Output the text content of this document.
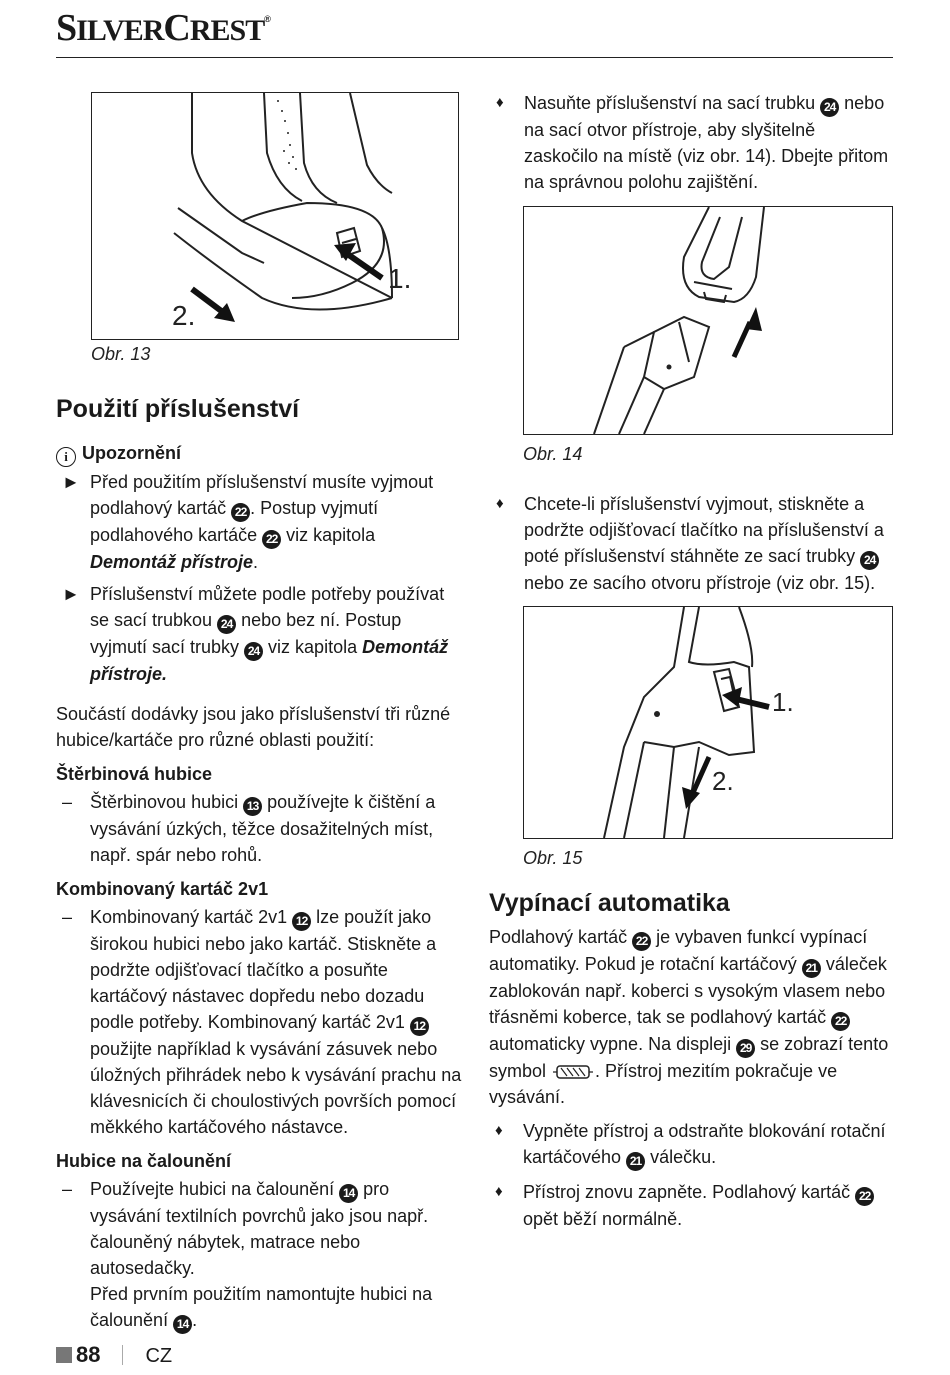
SILVERCREST®
1.
2.
Obr. 13
Použití příslušenství
i Upozornění
► Před použitím příslušenství musíte vyjmout podlahový kartáč 22 . Postup vyjmutí podlahového kartáče 22 viz kapitola Demontáž přístroje.
► Příslušenství můžete podle potřeby používat se sací trubkou 24 nebo bez ní. Postup vyjmutí sací trubky 24 viz kapitola Demontáž přístroje.

Součástí dodávky jsou jako příslušenství tři různé hubice/kartáče pro různé oblasti použití:

Štěrbinová hubice
– Štěrbinovou hubici 13 používejte k čištění a vysávání úzkých, těžce dosažitelných míst, např. spár nebo rohů.
Kombinovaný kartáč 2v1
– Kombinovaný kartáč 2v1 12 lze použít jako širokou hubici nebo jako kartáč. Stiskněte a podržte odjišťovací tlačítko a posuňte kartáčový nástavec dopředu nebo dozadu podle potřeby. Kombinovaný kartáč 2v1 12 použijte například k vysávání zásuvek nebo úložných přihrádek nebo k vysávání prachu na klávesnicích či choulostivých površích pomocí měkkého kartáčového nástavce.
Hubice na čalounění
– Používejte hubici na čalounění 14 pro vysávání textilních povrchů jako jsou např. čalouněný nábytek, matrace nebo autosedačky.
Před prvním použitím namontujte hubici na čalounění 14 .
♦ Nasuňte příslušenství na sací trubku 24 nebo na sací otvor přístroje, aby slyšitelně zaskočilo na místě (viz obr. 14). Dbejte přitom na správnou polohu zajištění.
Obr. 14
♦ Chcete-li příslušenství vyjmout, stiskněte a podržte odjišťovací tlačítko na příslušenství a poté příslušenství stáhněte ze sací trubky 24 nebo ze sacího otvoru přístroje (viz obr. 15).
1.
2.
Obr. 15
Vypínací automatika

Podlahový kartáč 22 je vybaven funkcí vypínací automatiky. Pokud je rotační kartáčový 21 váleček zablokován např. koberci s vysokým vlasem nebo třásněmi koberce, tak se podlahový kartáč 22 automaticky vypne. Na displeji 29 se zobrazí tento symbol . Přístroj mezitím pokračuje ve vysávání.

♦ Vypněte přístroj a odstraňte blokování rotační kartáčového 21 válečku.
♦ Přístroj znovu zapněte. Podlahový kartáč 22 opět běží normálně.
88 CZ
